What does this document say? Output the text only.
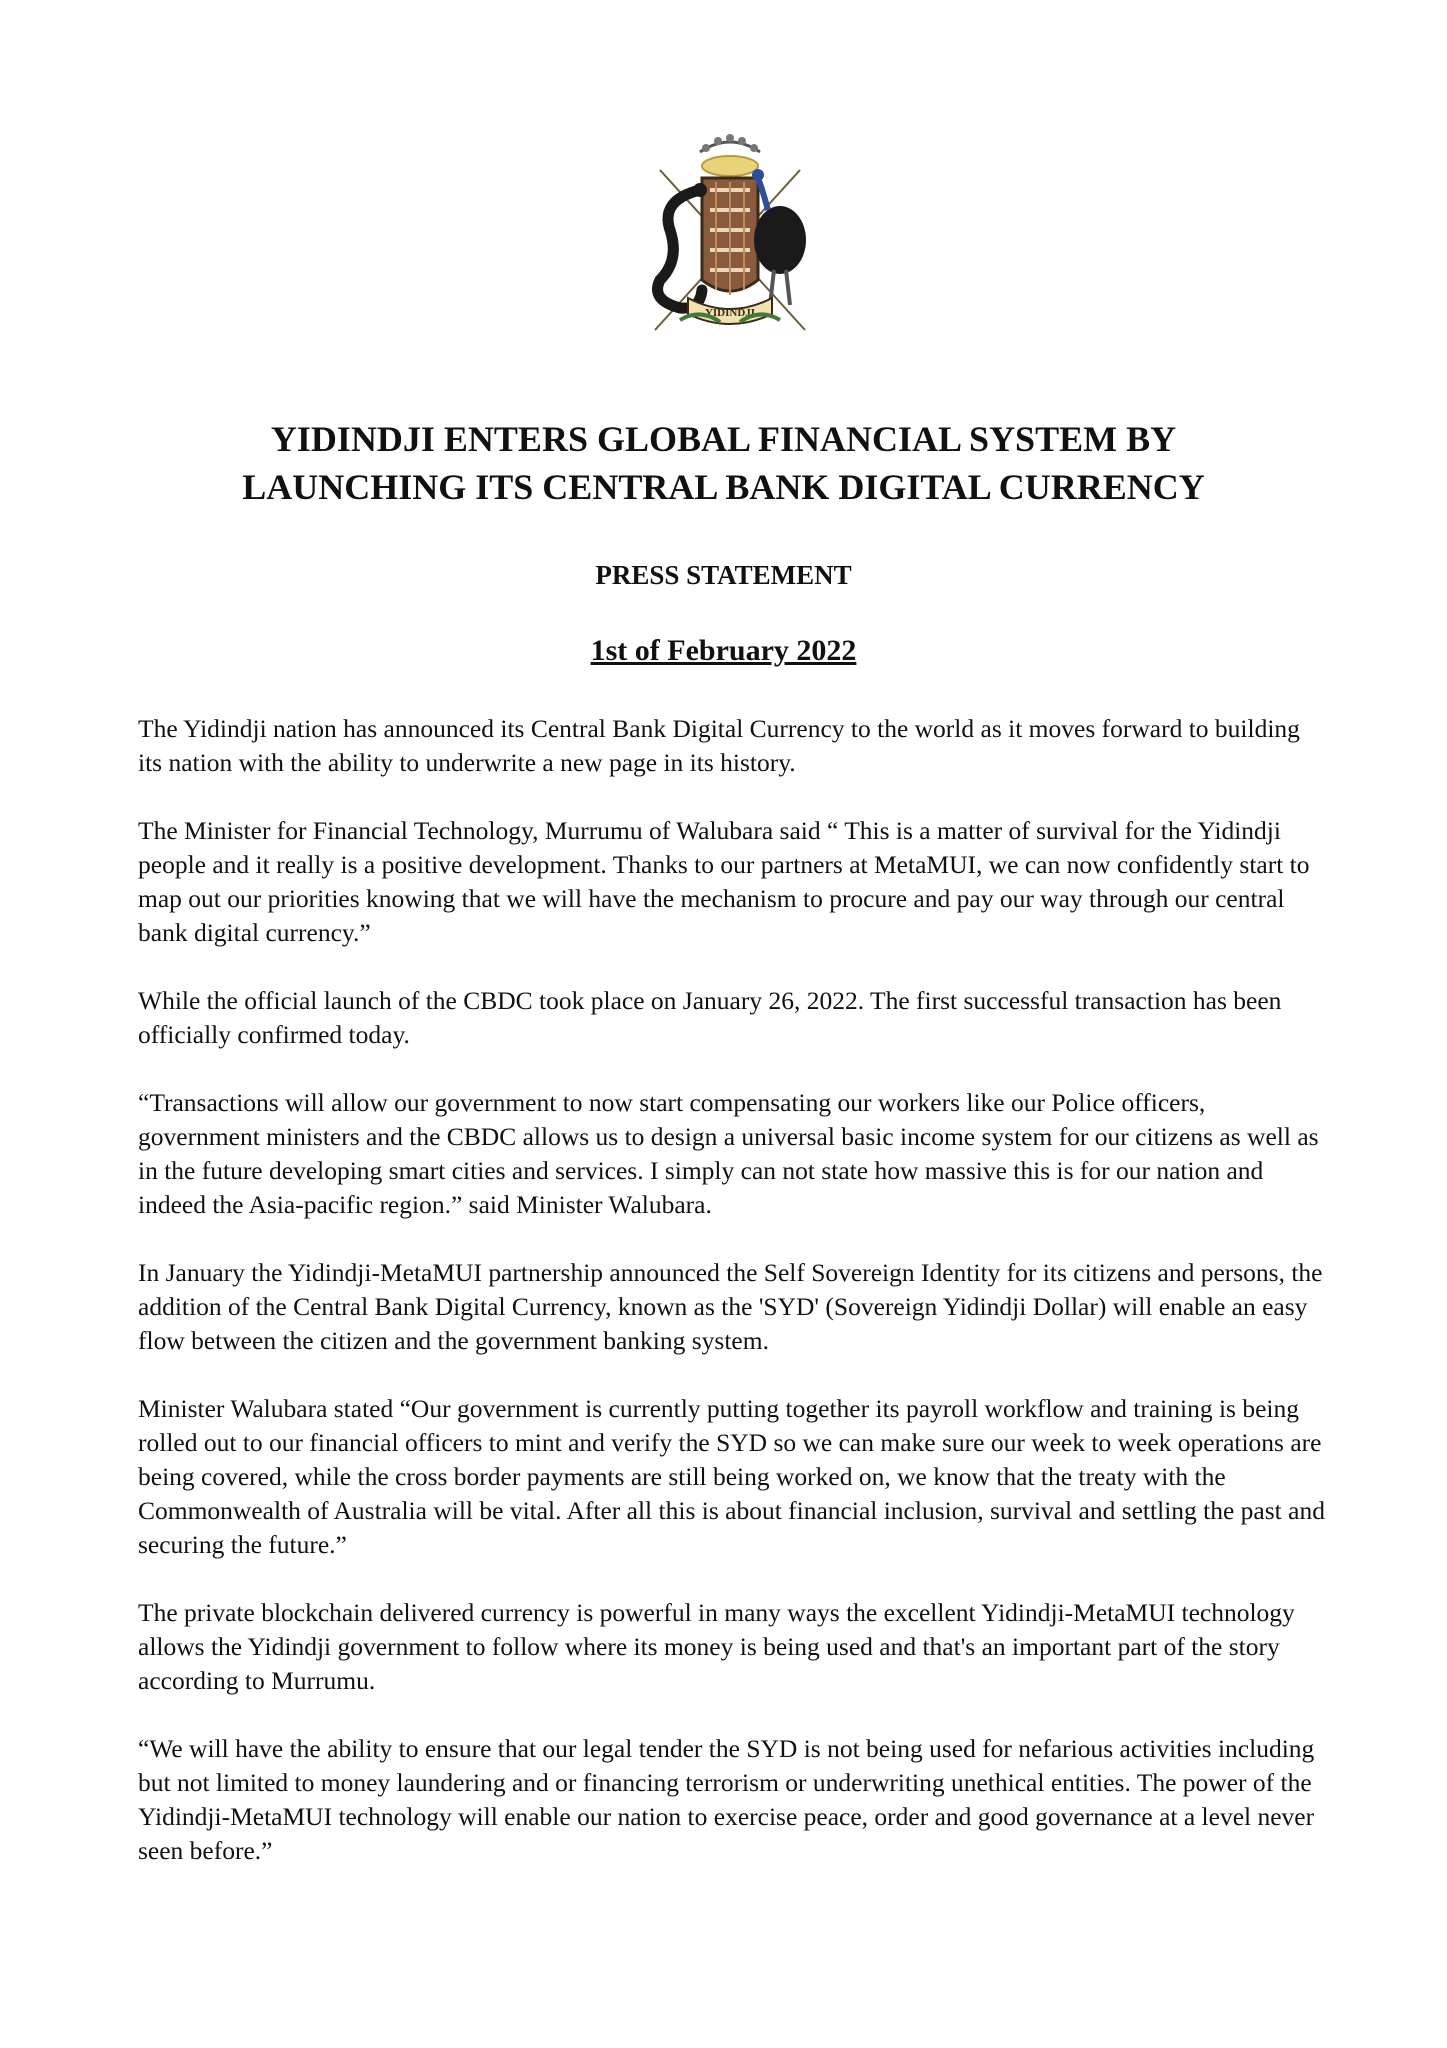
YIDINDJI
YIDINDJI ENTERS GLOBAL FINANCIAL SYSTEM BY
LAUNCHING ITS CENTRAL BANK DIGITAL CURRENCY
PRESS STATEMENT
1st of February 2022

The Yidindji nation has announced its Central Bank Digital Currency to the world as it moves forward to building its nation with the ability to underwrite a new page in its history.

The Minister for Financial Technology, Murrumu of Walubara said “ This is a matter of survival for the Yidindji people and it really is a positive development. Thanks to our partners at MetaMUI, we can now confidently start to map out our priorities knowing that we will have the mechanism to procure and pay our way through our central bank digital currency.”

While the official launch of the CBDC took place on January 26, 2022. The first successful transaction has been officially confirmed today.

“Transactions will allow our government to now start compensating our workers like our Police officers, government ministers and the CBDC allows us to design a universal basic income system for our citizens as well as in the future developing smart cities and services. I simply can not state how massive this is for our nation and indeed the Asia-pacific region.” said Minister Walubara.

In January the Yidindji-MetaMUI partnership announced the Self Sovereign Identity for its citizens and persons, the addition of the Central Bank Digital Currency, known as the 'SYD' (Sovereign Yidindji Dollar) will enable an easy flow between the citizen and the government banking system.

Minister Walubara stated “Our government is currently putting together its payroll workflow and training is being rolled out to our financial officers to mint and verify the SYD so we can make sure our week to week operations are being covered, while the cross border payments are still being worked on, we know that the treaty with the Commonwealth of Australia will be vital. After all this is about financial inclusion, survival and settling the past and securing the future.”

The private blockchain delivered currency is powerful in many ways the excellent Yidindji-MetaMUI technology allows the Yidindji government to follow where its money is being used and that's an important part of the story according to Murrumu.

“We will have the ability to ensure that our legal tender the SYD is not being used for nefarious activities including but not limited to money laundering and or financing terrorism or underwriting unethical entities. The power of the Yidindji-MetaMUI technology will enable our nation to exercise peace, order and good governance at a level never seen before.”
